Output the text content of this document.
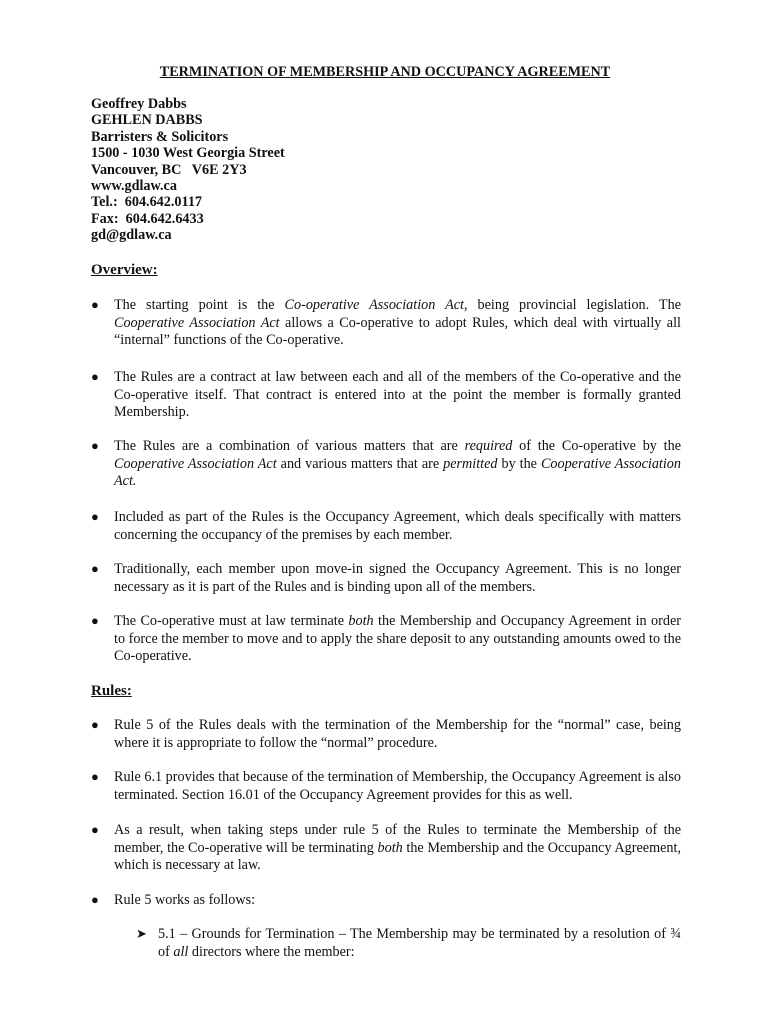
TERMINATION OF MEMBERSHIP AND OCCUPANCY AGREEMENT
Geoffrey Dabbs
GEHLEN DABBS
Barristers & Solicitors
1500 - 1030 West Georgia Street
Vancouver, BC   V6E 2Y3
www.gdlaw.ca
Tel.:  604.642.0117
Fax:  604.642.6433
gd@gdlaw.ca
Overview:
● The starting point is the Co-operative Association Act, being provincial legislation. The Cooperative Association Act allows a Co-operative to adopt Rules, which deal with virtually all “internal” functions of the Co-operative.
● The Rules are a contract at law between each and all of the members of the Co-operative and the Co-operative itself. That contract is entered into at the point the member is formally granted Membership.
● The Rules are a combination of various matters that are required of the Co-operative by the Cooperative Association Act and various matters that are permitted by the Cooperative Association Act.
● Included as part of the Rules is the Occupancy Agreement, which deals specifically with matters concerning the occupancy of the premises by each member.
● Traditionally, each member upon move-in signed the Occupancy Agreement. This is no longer necessary as it is part of the Rules and is binding upon all of the members.
● The Co-operative must at law terminate both the Membership and Occupancy Agreement in order to force the member to move and to apply the share deposit to any outstanding amounts owed to the Co-operative.
Rules:
● Rule 5 of the Rules deals with the termination of the Membership for the “normal” case, being where it is appropriate to follow the “normal” procedure.
● Rule 6.1 provides that because of the termination of Membership, the Occupancy Agreement is also terminated. Section 16.01 of the Occupancy Agreement provides for this as well.
● As a result, when taking steps under rule 5 of the Rules to terminate the Membership of the member, the Co-operative will be terminating both the Membership and the Occupancy Agreement, which is necessary at law.
● Rule 5 works as follows:
➤ 5.1 – Grounds for Termination – The Membership may be terminated by a resolution of ¾ of all directors where the member:
